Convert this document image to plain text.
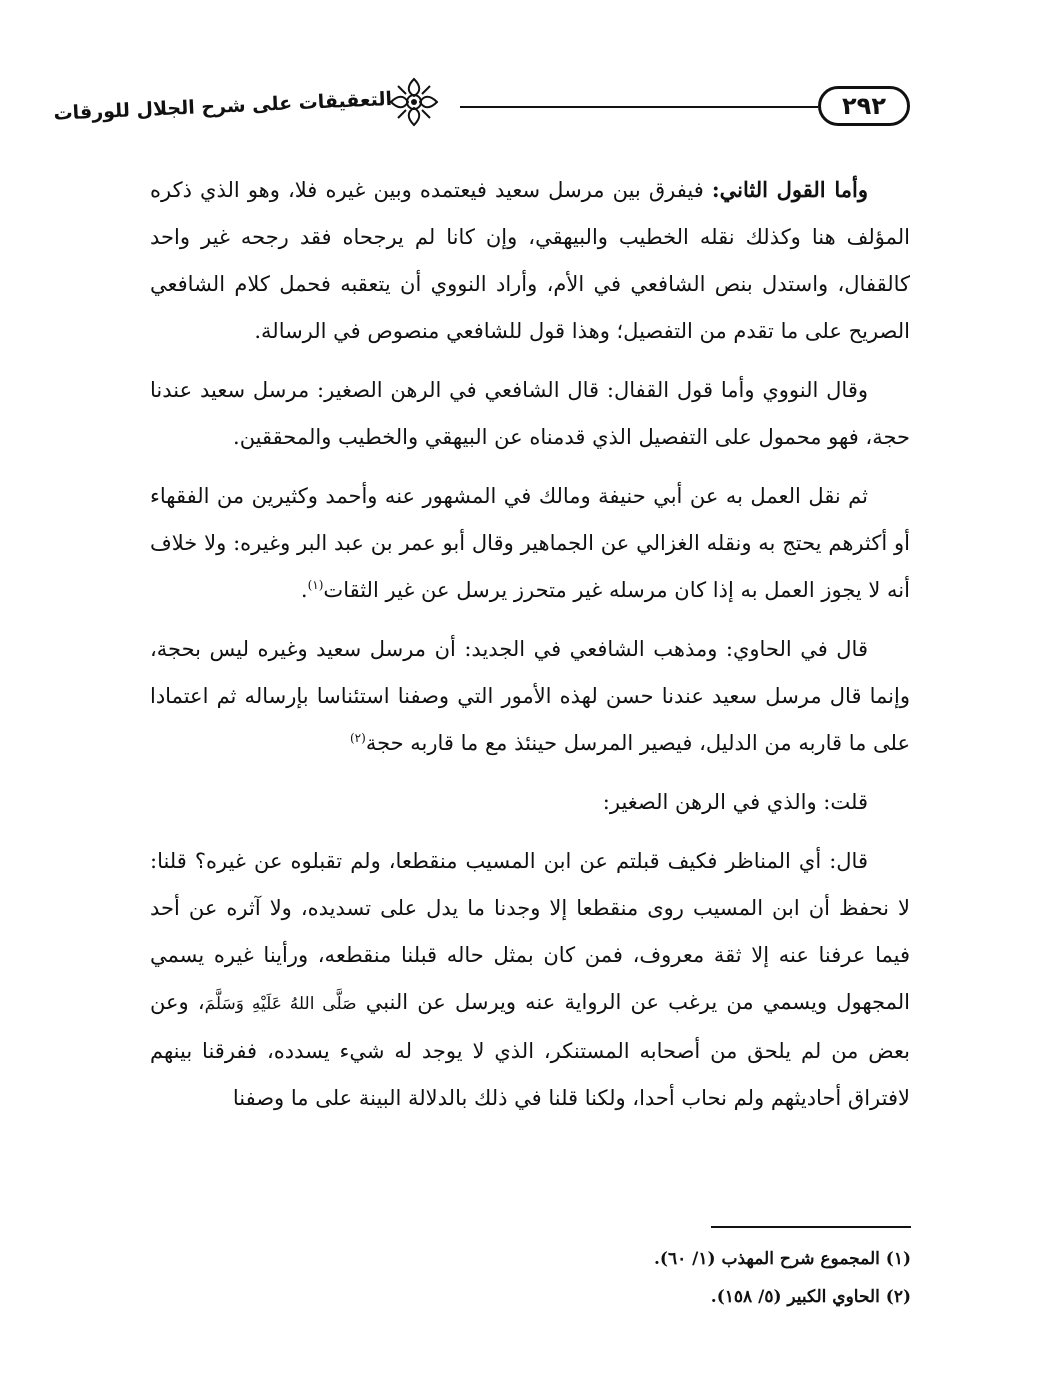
٢٩٢
التعقيقات على شرح الجلال للورقات

وأما القول الثاني: فيفرق بين مرسل سعيد فيعتمده وبين غيره فلا، وهو الذي ذكره المؤلف هنا وكذلك نقله الخطيب والبيهقي، وإن كانا لم يرجحاه فقد رجحه غير واحد كالقفال، واستدل بنص الشافعي في الأم، وأراد النووي أن يتعقبه فحمل كلام الشافعي الصريح على ما تقدم من التفصيل؛ وهذا قول للشافعي منصوص في الرسالة.

وقال النووي وأما قول القفال: قال الشافعي في الرهن الصغير: مرسل سعيد عندنا حجة، فهو محمول على التفصيل الذي قدمناه عن البيهقي والخطيب والمحققين.

ثم نقل العمل به عن أبي حنيفة ومالك في المشهور عنه وأحمد وكثيرين من الفقهاء أو أكثرهم يحتج به ونقله الغزالي عن الجماهير وقال أبو عمر بن عبد البر وغيره: ولا خلاف أنه لا يجوز العمل به إذا كان مرسله غير متحرز يرسل عن غير الثقات$^{(١)}$.

قال في الحاوي: ومذهب الشافعي في الجديد: أن مرسل سعيد وغيره ليس بحجة، وإنما قال مرسل سعيد عندنا حسن لهذه الأمور التي وصفنا استئناسا بإرساله ثم اعتمادا على ما قاربه من الدليل، فيصير المرسل حينئذ مع ما قاربه حجة$^{(٢)}$

قلت: والذي في الرهن الصغير:

قال: أي المناظر فكيف قبلتم عن ابن المسيب منقطعا، ولم تقبلوه عن غيره؟ قلنا: لا نحفظ أن ابن المسيب روى منقطعا إلا وجدنا ما يدل على تسديده، ولا آثره عن أحد فيما عرفنا عنه إلا ثقة معروف، فمن كان بمثل حاله قبلنا منقطعه، ورأينا غيره يسمي المجهول ويسمي من يرغب عن الرواية عنه ويرسل عن النبي صَلَّى اللهُ عَلَيْهِ وَسَلَّمَ، وعن بعض من لم يلحق من أصحابه المستنكر، الذي لا يوجد له شيء يسدده، ففرقنا بينهم لافتراق أحاديثهم ولم نحاب أحدا، ولكنا قلنا في ذلك بالدلالة البينة على ما وصفنا

(١) المجموع شرح المهذب (١/ ٦٠).

(٢) الحاوي الكبير (٥/ ١٥٨).
